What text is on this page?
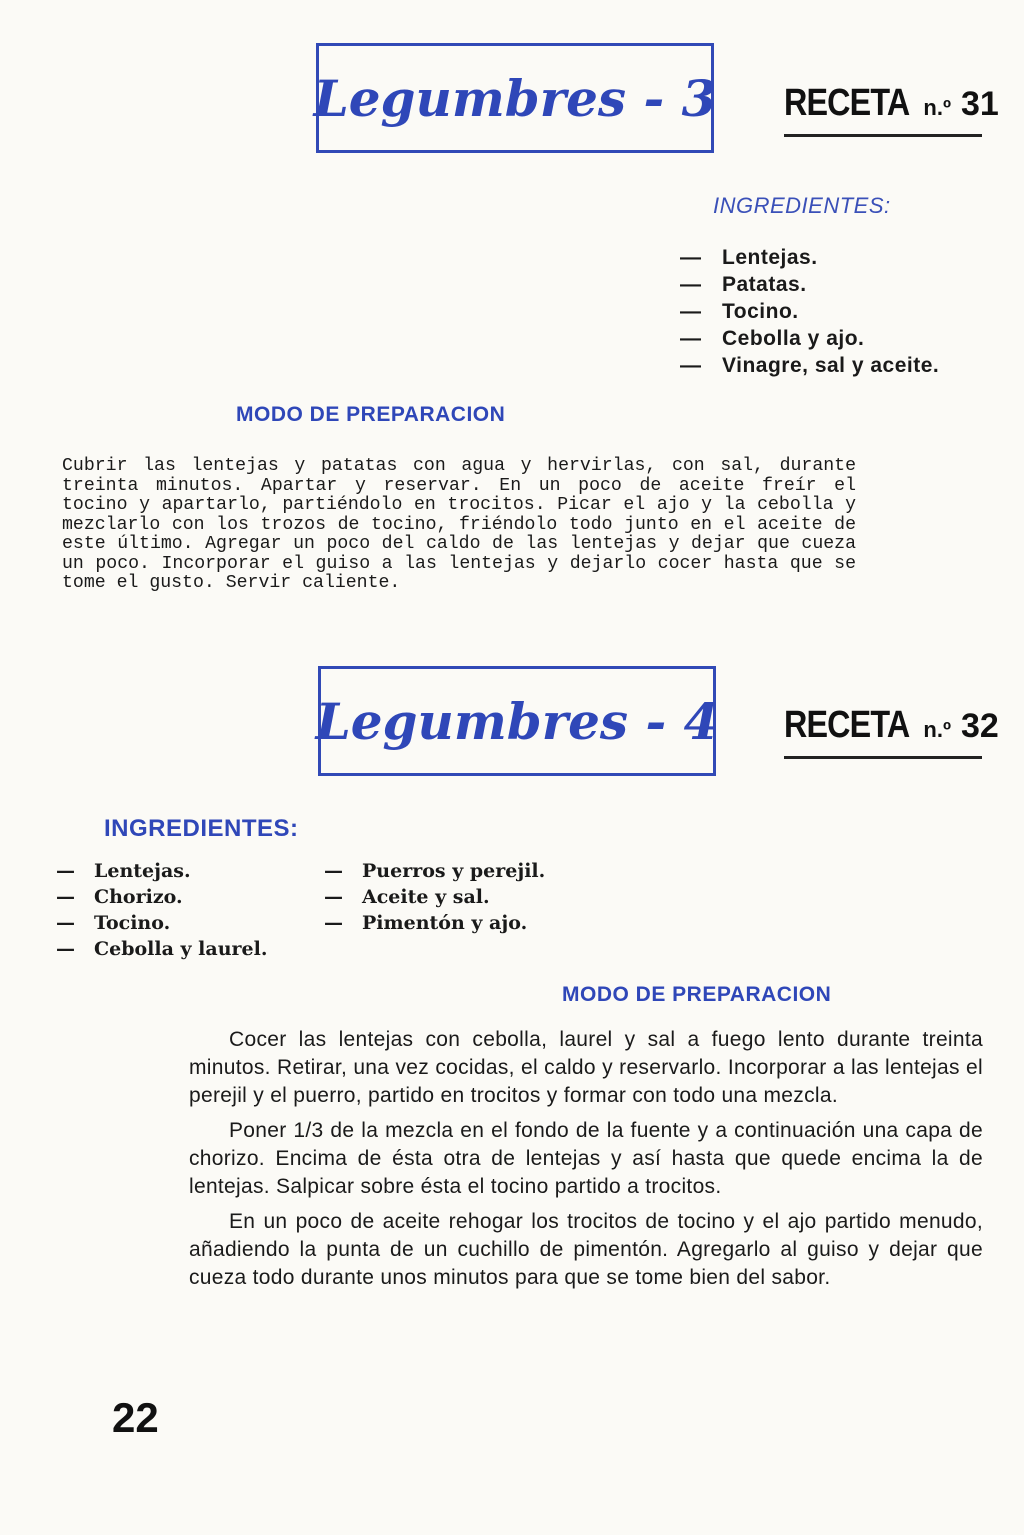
Legumbres - 3 RECETA n.º 31
INGREDIENTES:
— Lentejas.
— Patatas.
— Tocino.
— Cebolla y ajo.
— Vinagre, sal y aceite.
MODO DE PREPARACION

Cubrir las lentejas y patatas con agua y hervirlas, con sal, durante treinta minutos. Apartar y reservar. En un poco de aceite freír el tocino y apartarlo, partiéndolo en trocitos. Picar el ajo y la cebolla y mezclarlo con los trozos de tocino, friéndolo todo junto en el aceite de este último. Agregar un poco del caldo de las lentejas y dejar que cueza un poco. Incorporar el guiso a las lentejas y dejarlo cocer hasta que se tome el gusto. Servir caliente.

Legumbres - 4 RECETA n.º 32
INGREDIENTES:
— Lentejas.
— Chorizo.
— Tocino.
— Cebolla y laurel.
— Puerros y perejil.
— Aceite y sal.
— Pimentón y ajo.
MODO DE PREPARACION

Cocer las lentejas con cebolla, laurel y sal a fuego lento durante treinta minutos. Retirar, una vez cocidas, el caldo y reservarlo. Incorporar a las lentejas el perejil y el puerro, partido en trocitos y formar con todo una mezcla.

Poner 1/3 de la mezcla en el fondo de la fuente y a continuación una capa de chorizo. Encima de ésta otra de lentejas y así hasta que quede encima la de lentejas. Salpicar sobre ésta el tocino partido a trocitos.

En un poco de aceite rehogar los trocitos de tocino y el ajo partido menudo, añadiendo la punta de un cuchillo de pimentón. Agregarlo al guiso y dejar que cueza todo durante unos minutos para que se tome bien del sabor.

22
